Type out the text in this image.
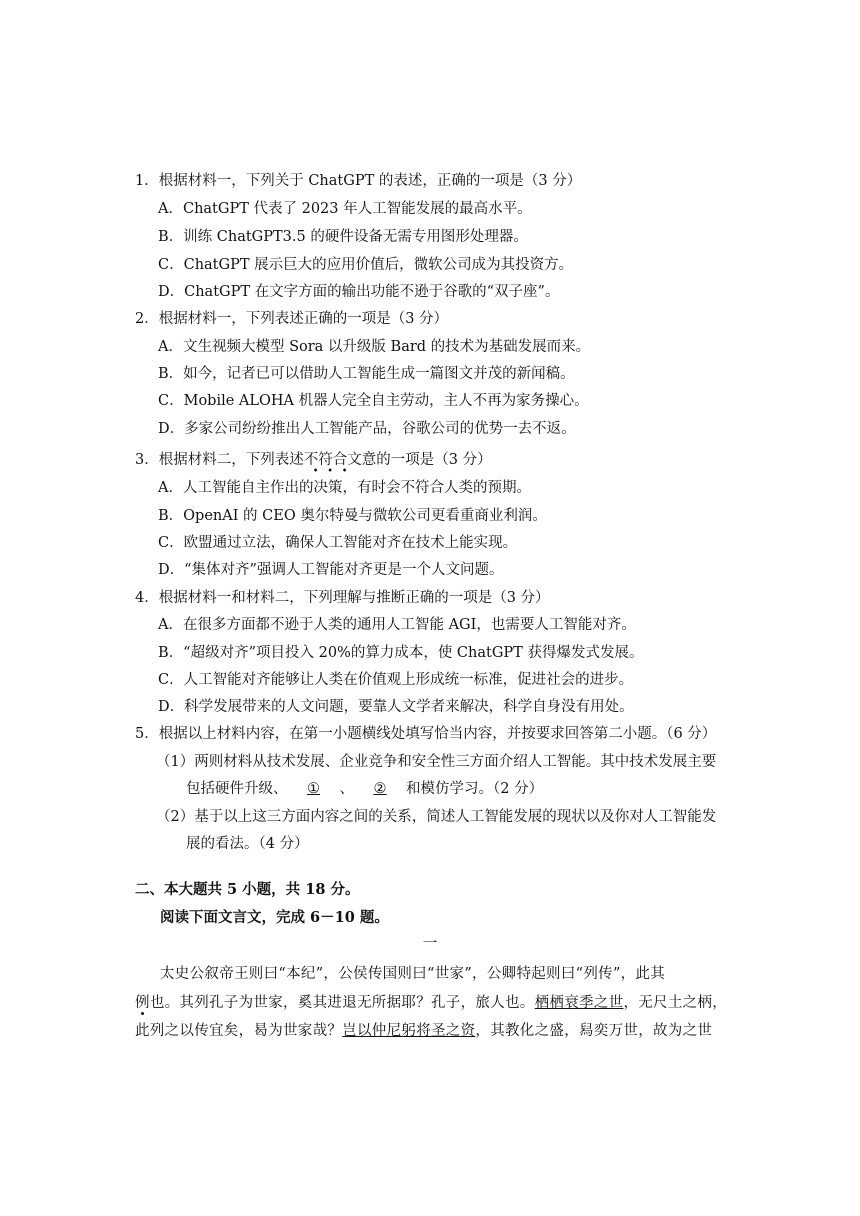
1．根据材料一，下列关于 ChatGPT 的表述，正确的一项是（3 分）
A．ChatGPT 代表了 2023 年人工智能发展的最高水平。
B．训练 ChatGPT3.5 的硬件设备无需专用图形处理器。
C．ChatGPT 展示巨大的应用价值后，微软公司成为其投资方。
D．ChatGPT 在文字方面的输出功能不逊于谷歌的“双子座”。
2．根据材料一，下列表述正确的一项是（3 分）
A．文生视频大模型 Sora 以升级版 Bard 的技术为基础发展而来。
B．如今，记者已可以借助人工智能生成一篇图文并茂的新闻稿。
C．Mobile ALOHA 机器人完全自主劳动，主人不再为家务操心。
D．多家公司纷纷推出人工智能产品，谷歌公司的优势一去不返。
3．根据材料二，下列表述不符合文意的一项是（3 分）
A．人工智能自主作出的决策，有时会不符合人类的预期。
B．OpenAI 的 CEO 奥尔特曼与微软公司更看重商业利润。
C．欧盟通过立法，确保人工智能对齐在技术上能实现。
D．“集体对齐”强调人工智能对齐更是一个人文问题。
4．根据材料一和材料二，下列理解与推断正确的一项是（3 分）
A．在很多方面都不逊于人类的通用人工智能 AGI，也需要人工智能对齐。
B．“超级对齐”项目投入 20%的算力成本，使 ChatGPT 获得爆发式发展。
C．人工智能对齐能够让人类在价值观上形成统一标准，促进社会的进步。
D．科学发展带来的人文问题，要靠人文学者来解决，科学自身没有用处。
5．根据以上材料内容，在第一小题横线处填写恰当内容，并按要求回答第二小题。（6 分）
（1）两则材料从技术发展、企业竞争和安全性三方面介绍人工智能。其中技术发展主要
包括硬件升级、 ① 、 ② 和模仿学习。（2 分）
（2）基于以上这三方面内容之间的关系，简述人工智能发展的现状以及你对人工智能发
展的看法。（4 分）
二、本大题共 5 小题，共 18 分。
阅读下面文言文，完成 6－10 题。
一
太史公叙帝王则曰“本纪”，公侯传国则曰“世家”，公卿特起则曰“列传”，此其
例也。其列孔子为世家，奚其进退无所据耶？孔子，旅人也。栖栖衰季之世，无尺土之柄，
此列之以传宜矣，曷为世家哉？岂以仲尼躬将圣之资，其教化之盛，舄奕万世，故为之世
